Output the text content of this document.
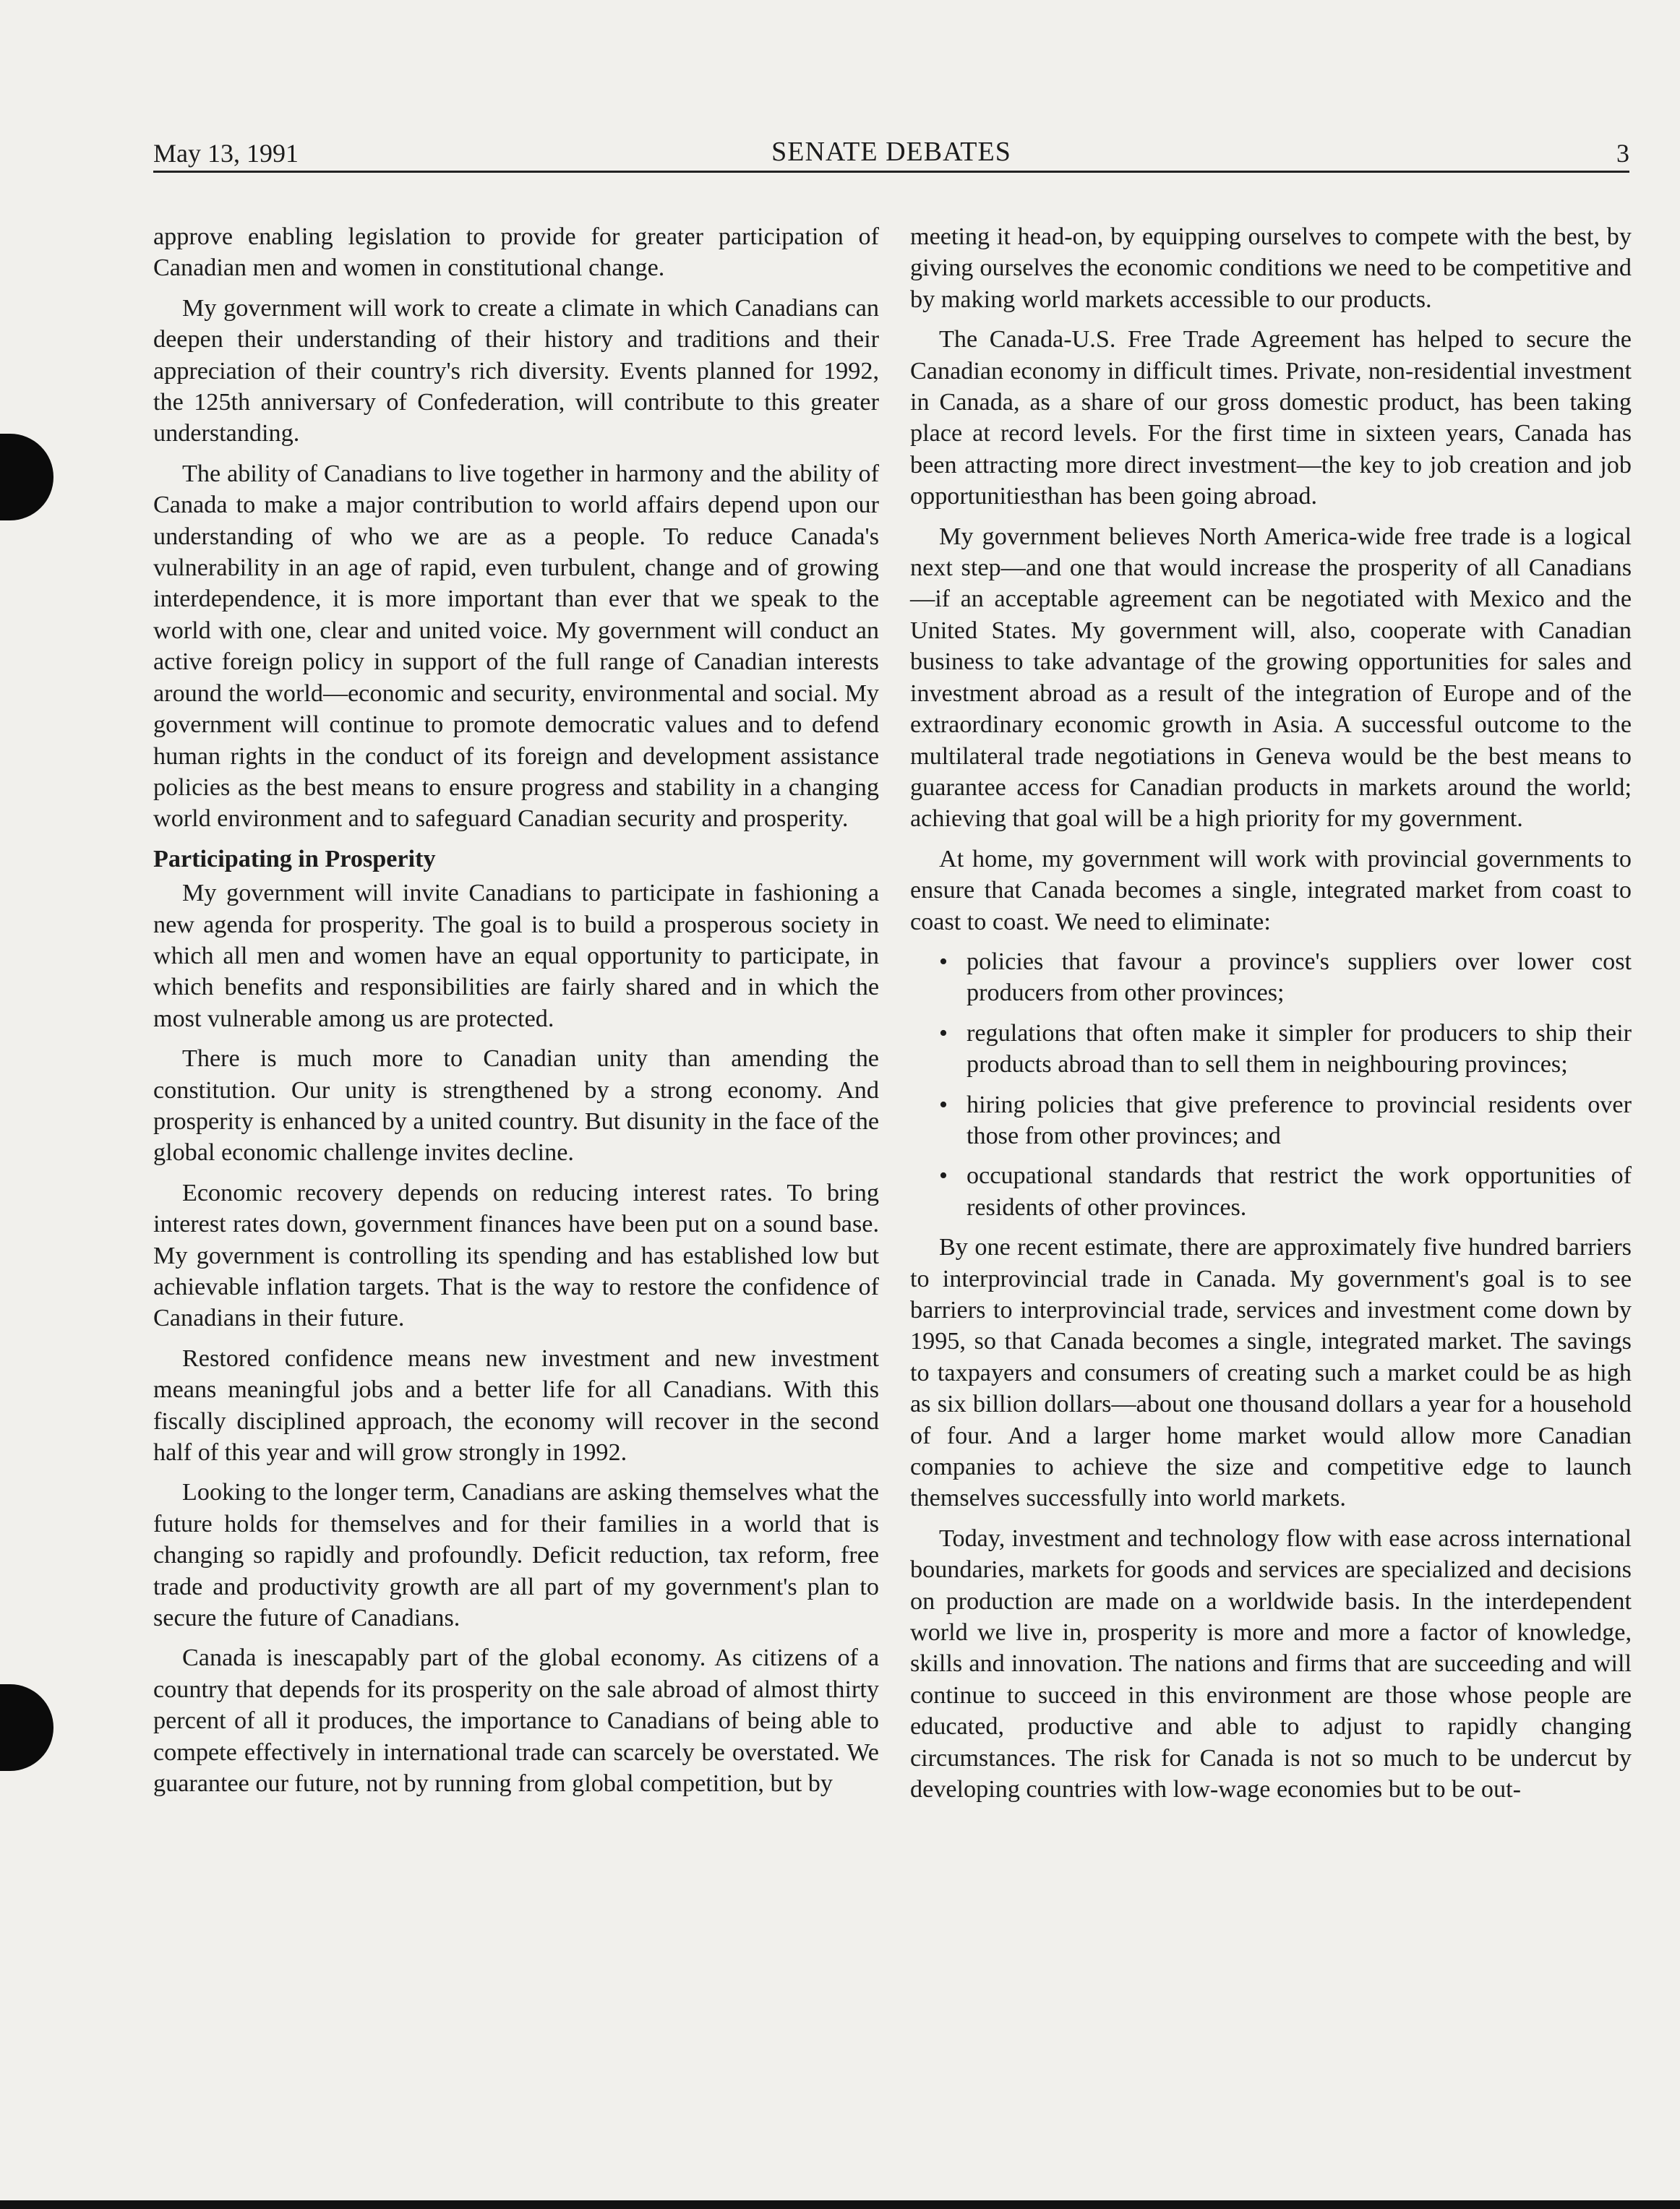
May 13, 1991	SENATE DEBATES	3

approve enabling legislation to provide for greater participation of Canadian men and women in constitutional change.

My government will work to create a climate in which Canadians can deepen their understanding of their history and traditions and their appreciation of their country's rich diversity. Events planned for 1992, the 125th anniversary of Confederation, will contribute to this greater understanding.

The ability of Canadians to live together in harmony and the ability of Canada to make a major contribution to world affairs depend upon our understanding of who we are as a people. To reduce Canada's vulnerability in an age of rapid, even turbulent, change and of growing interdependence, it is more important than ever that we speak to the world with one, clear and united voice. My government will conduct an active foreign policy in support of the full range of Canadian interests around the world—economic and security, environmental and social. My government will continue to promote democratic values and to defend human rights in the conduct of its foreign and development assistance policies as the best means to ensure progress and stability in a changing world environment and to safeguard Canadian security and prosperity.

Participating in Prosperity

My government will invite Canadians to participate in fashioning a new agenda for prosperity. The goal is to build a prosperous society in which all men and women have an equal opportunity to participate, in which benefits and responsibilities are fairly shared and in which the most vulnerable among us are protected.

There is much more to Canadian unity than amending the constitution. Our unity is strengthened by a strong economy. And prosperity is enhanced by a united country. But disunity in the face of the global economic challenge invites decline.

Economic recovery depends on reducing interest rates. To bring interest rates down, government finances have been put on a sound base. My government is controlling its spending and has established low but achievable inflation targets. That is the way to restore the confidence of Canadians in their future.

Restored confidence means new investment and new investment means meaningful jobs and a better life for all Canadians. With this fiscally disciplined approach, the economy will recover in the second half of this year and will grow strongly in 1992.

Looking to the longer term, Canadians are asking themselves what the future holds for themselves and for their families in a world that is changing so rapidly and profoundly. Deficit reduction, tax reform, free trade and productivity growth are all part of my government's plan to secure the future of Canadians.

Canada is inescapably part of the global economy. As citizens of a country that depends for its prosperity on the sale abroad of almost thirty percent of all it produces, the importance to Canadians of being able to compete effectively in international trade can scarcely be overstated. We guarantee our future, not by running from global competition, but by

meeting it head-on, by equipping ourselves to compete with the best, by giving ourselves the economic conditions we need to be competitive and by making world markets accessible to our products.

The Canada-U.S. Free Trade Agreement has helped to secure the Canadian economy in difficult times. Private, non-residential investment in Canada, as a share of our gross domestic product, has been taking place at record levels. For the first time in sixteen years, Canada has been attracting more direct investment—the key to job creation and job opportunitiesthan has been going abroad.

My government believes North America-wide free trade is a logical next step—and one that would increase the prosperity of all Canadians—if an acceptable agreement can be negotiated with Mexico and the United States. My government will, also, cooperate with Canadian business to take advantage of the growing opportunities for sales and investment abroad as a result of the integration of Europe and of the extraordinary economic growth in Asia. A successful outcome to the multilateral trade negotiations in Geneva would be the best means to guarantee access for Canadian products in markets around the world; achieving that goal will be a high priority for my government.

At home, my government will work with provincial governments to ensure that Canada becomes a single, integrated market from coast to coast to coast. We need to eliminate:

• policies that favour a province's suppliers over lower cost producers from other provinces;
• regulations that often make it simpler for producers to ship their products abroad than to sell them in neighbouring provinces;
• hiring policies that give preference to provincial residents over those from other provinces; and
• occupational standards that restrict the work opportunities of residents of other provinces.

By one recent estimate, there are approximately five hundred barriers to interprovincial trade in Canada. My government's goal is to see barriers to interprovincial trade, services and investment come down by 1995, so that Canada becomes a single, integrated market. The savings to taxpayers and consumers of creating such a market could be as high as six billion dollars—about one thousand dollars a year for a household of four. And a larger home market would allow more Canadian companies to achieve the size and competitive edge to launch themselves successfully into world markets.

Today, investment and technology flow with ease across international boundaries, markets for goods and services are specialized and decisions on production are made on a worldwide basis. In the interdependent world we live in, prosperity is more and more a factor of knowledge, skills and innovation. The nations and firms that are succeeding and will continue to succeed in this environment are those whose people are educated, productive and able to adjust to rapidly changing circumstances. The risk for Canada is not so much to be undercut by developing countries with low-wage economies but to be out-
